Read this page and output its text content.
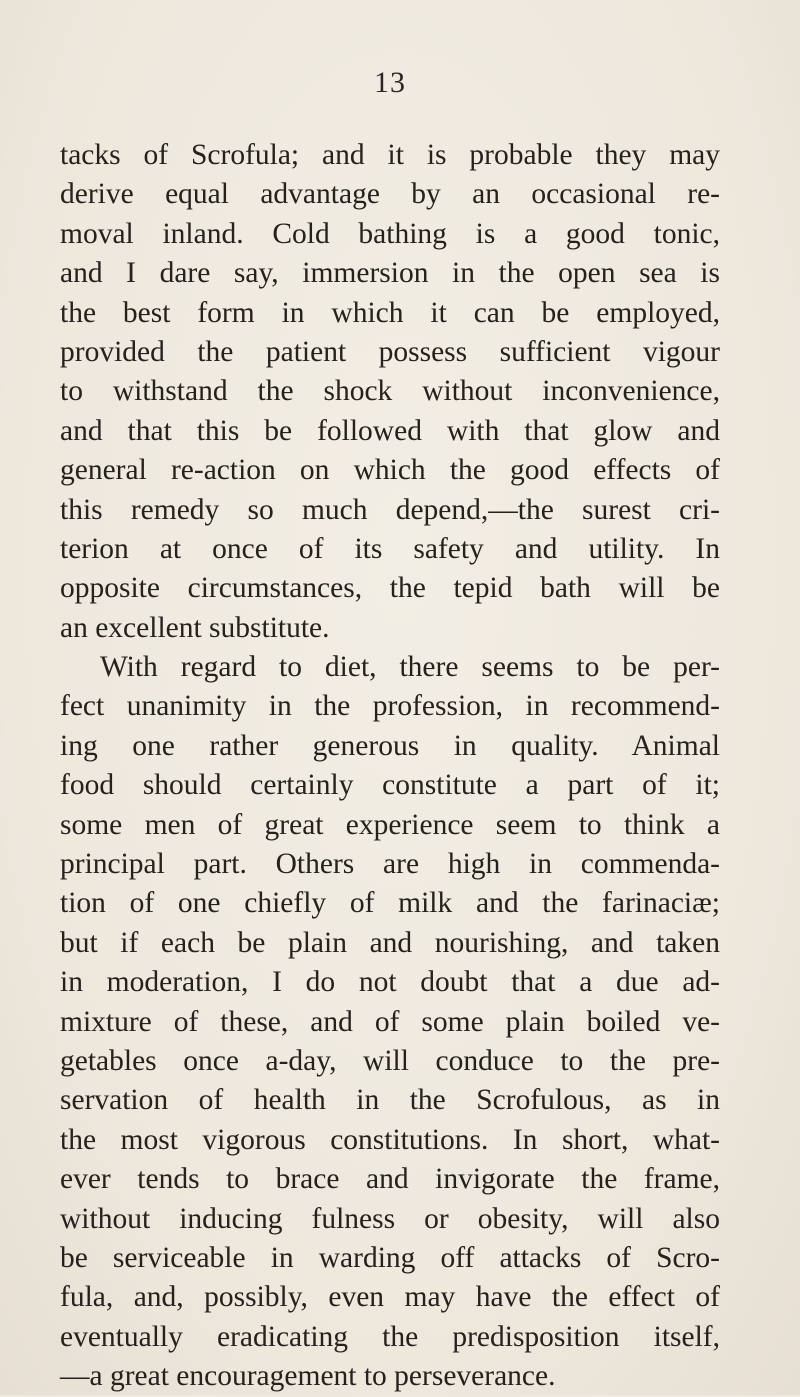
13
tacks of Scrofula; and it is probable they may
derive equal advantage by an occasional re-
moval inland. Cold bathing is a good tonic,
and I dare say, immersion in the open sea is
the best form in which it can be employed,
provided the patient possess sufficient vigour
to withstand the shock without inconvenience,
and that this be followed with that glow and
general re-action on which the good effects of
this remedy so much depend,—the surest cri-
terion at once of its safety and utility. In
opposite circumstances, the tepid bath will be
an excellent substitute.
With regard to diet, there seems to be per-
fect unanimity in the profession, in recommend-
ing one rather generous in quality. Animal
food should certainly constitute a part of it;
some men of great experience seem to think a
principal part. Others are high in commenda-
tion of one chiefly of milk and the farinaciæ;
but if each be plain and nourishing, and taken
in moderation, I do not doubt that a due ad-
mixture of these, and of some plain boiled ve-
getables once a-day, will conduce to the pre-
servation of health in the Scrofulous, as in
the most vigorous constitutions. In short, what-
ever tends to brace and invigorate the frame,
without inducing fulness or obesity, will also
be serviceable in warding off attacks of Scro-
fula, and, possibly, even may have the effect of
eventually eradicating the predisposition itself,
—a great encouragement to perseverance.
